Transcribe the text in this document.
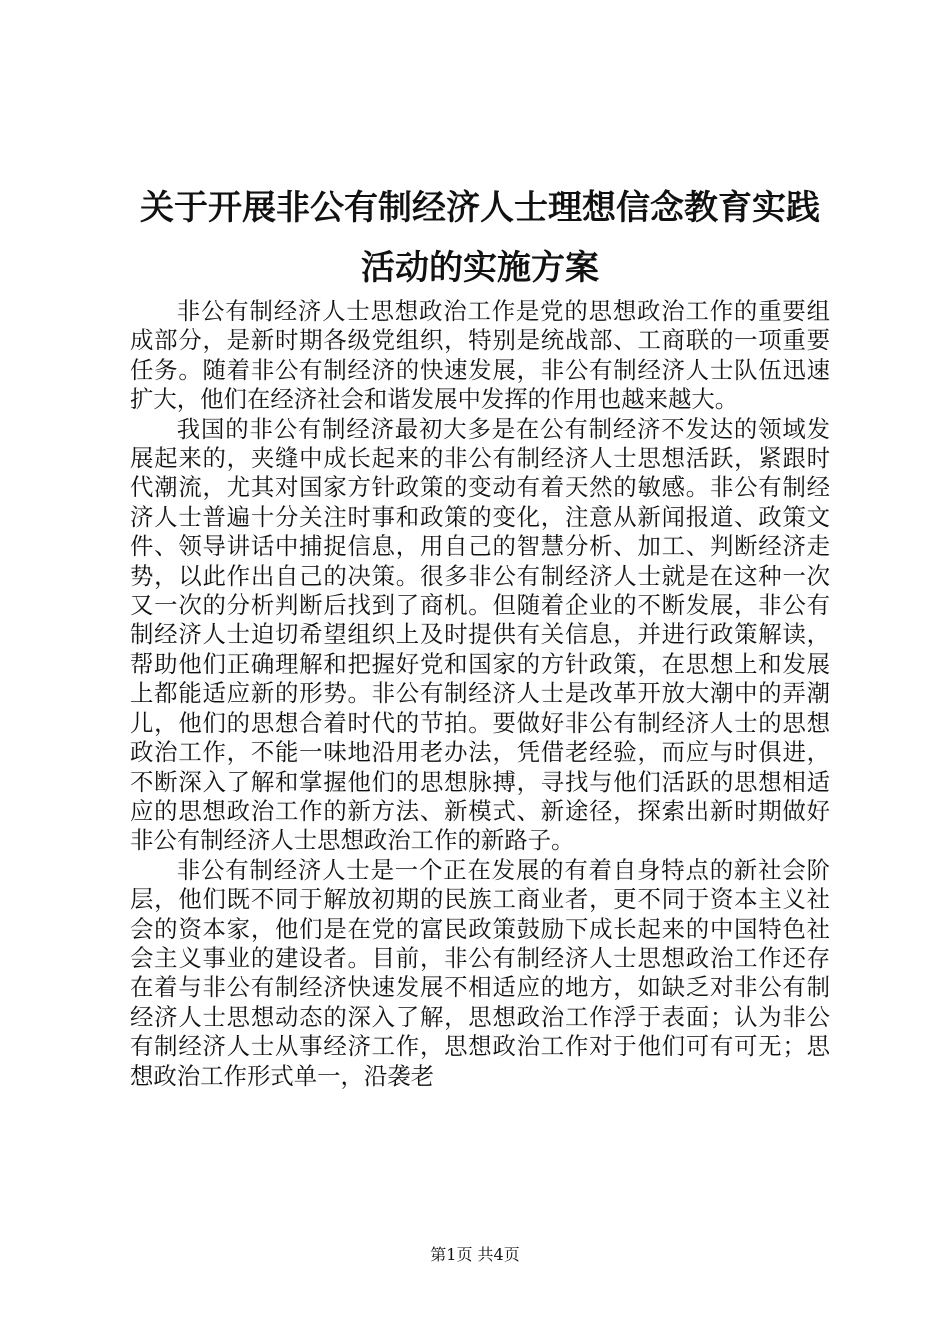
关于开展非公有制经济人士理想信念教育实践
活动的实施方案

非公有制经济人士思想政治工作是党的思想政治工作的重要组成部分，是新时期各级党组织，特别是统战部、工商联的一项重要任务。随着非公有制经济的快速发展，非公有制经济人士队伍迅速扩大，他们在经济社会和谐发展中发挥的作用也越来越大。

我国的非公有制经济最初大多是在公有制经济不发达的领域发展起来的，夹缝中成长起来的非公有制经济人士思想活跃，紧跟时代潮流，尤其对国家方针政策的变动有着天然的敏感。非公有制经济人士普遍十分关注时事和政策的变化，注意从新闻报道、政策文件、领导讲话中捕捉信息，用自己的智慧分析、加工、判断经济走势，以此作出自己的决策。很多非公有制经济人士就是在这种一次又一次的分析判断后找到了商机。但随着企业的不断发展，非公有制经济人士迫切希望组织上及时提供有关信息，并进行政策解读，帮助他们正确理解和把握好党和国家的方针政策，在思想上和发展上都能适应新的形势。非公有制经济人士是改革开放大潮中的弄潮儿，他们的思想合着时代的节拍。要做好非公有制经济人士的思想政治工作，不能一味地沿用老办法，凭借老经验，而应与时俱进，不断深入了解和掌握他们的思想脉搏，寻找与他们活跃的思想相适应的思想政治工作的新方法、新模式、新途径，探索出新时期做好非公有制经济人士思想政治工作的新路子。

非公有制经济人士是一个正在发展的有着自身特点的新社会阶层，他们既不同于解放初期的民族工商业者，更不同于资本主义社会的资本家，他们是在党的富民政策鼓励下成长起来的中国特色社会主义事业的建设者。目前，非公有制经济人士思想政治工作还存在着与非公有制经济快速发展不相适应的地方，如缺乏对非公有制经济人士思想动态的深入了解，思想政治工作浮于表面；认为非公有制经济人士从事经济工作，思想政治工作对于他们可有可无；思想政治工作形式单一，沿袭老

第1页 共4页
